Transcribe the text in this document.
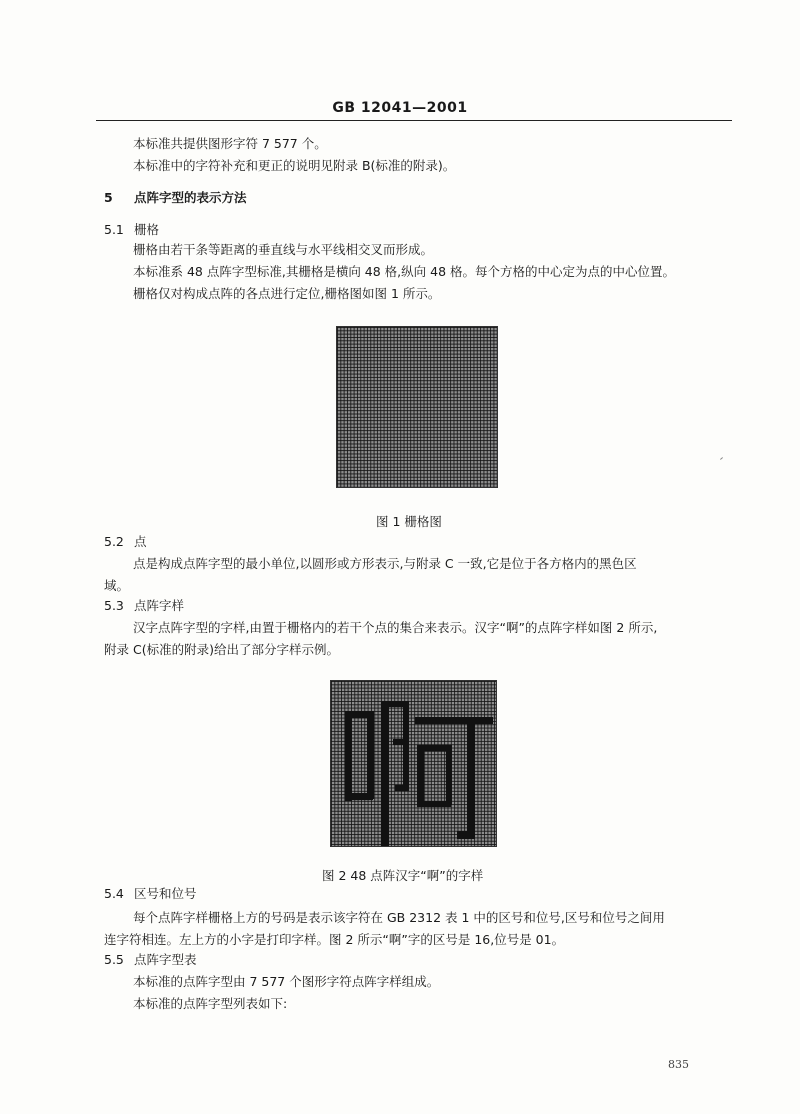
GB 12041—2001
本标准共提供图形字符 7 577 个。
本标准中的字符补充和更正的说明见附录 B(标准的附录)。
5 点阵字型的表示方法
5.1 栅格
栅格由若干条等距离的垂直线与水平线相交叉而形成。
本标准系 48 点阵字型标准,其栅格是横向 48 格,纵向 48 格。每个方格的中心定为点的中心位置。
栅格仅对构成点阵的各点进行定位,栅格图如图 1 所示。
图 1 栅格图
5.2 点
点是构成点阵字型的最小单位,以圆形或方形表示,与附录 C 一致,它是位于各方格内的黑色区
域。
5.3 点阵字样
汉字点阵字型的字样,由置于栅格内的若干个点的集合来表示。汉字“啊”的点阵字样如图 2 所示,
附录 C(标准的附录)给出了部分字样示例。
图 2 48 点阵汉字“啊”的字样
5.4 区号和位号
每个点阵字样栅格上方的号码是表示该字符在 GB 2312 表 1 中的区号和位号,区号和位号之间用
连字符相连。左上方的小字是打印字样。图 2 所示“啊”字的区号是 16,位号是 01。
5.5 点阵字型表
本标准的点阵字型由 7 577 个图形字符点阵字样组成。
本标准的点阵字型列表如下:
835
